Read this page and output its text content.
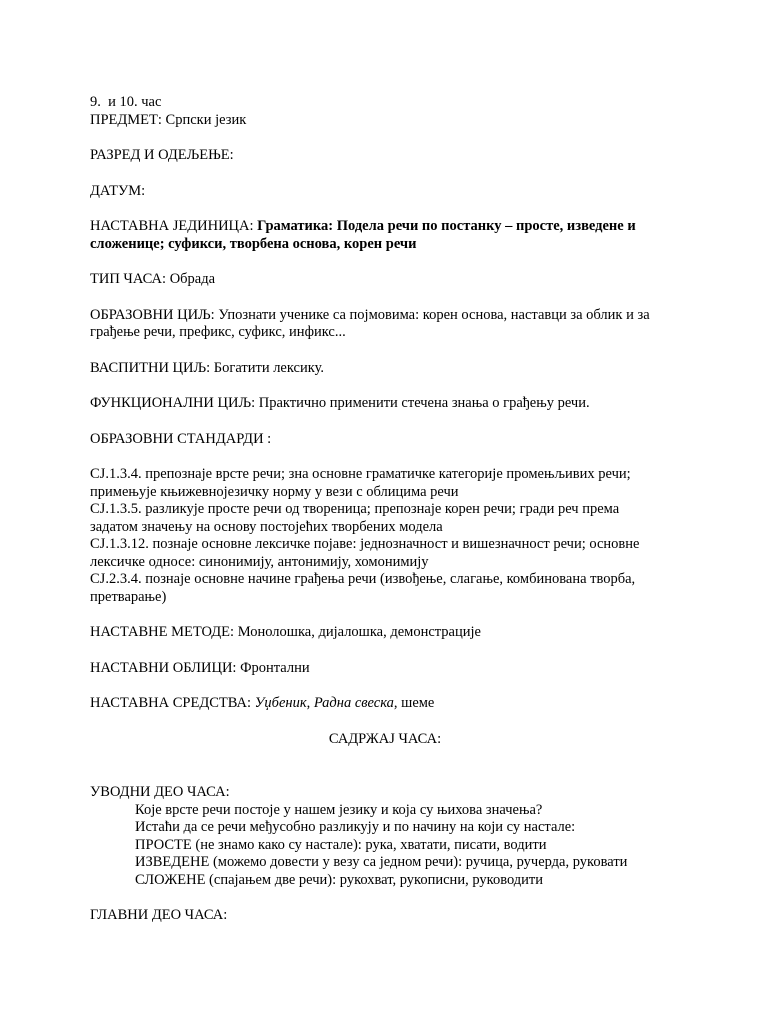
9.  и 10. час
ПРЕДМЕТ: Српски језик
РАЗРЕД И ОДЕЉЕЊЕ:
ДАТУМ:
НАСТАВНА ЈЕДИНИЦА: Граматика: Подела речи по постанку – просте, изведене и
сложенице; суфикси, творбена основа, корен речи
ТИП ЧАСА: Обрада
ОБРАЗОВНИ ЦИЉ: Упознати ученике са појмовима: корен основа, наставци за облик и за
грађење речи, префикс, суфикс, инфикс...
ВАСПИТНИ ЦИЉ: Богатити лексику.
ФУНКЦИОНАЛНИ ЦИЉ: Практично применити стечена знања о грађењу речи.
ОБРАЗОВНИ СТАНДАРДИ :
СЈ.1.3.4. препознаје врсте речи; зна основне граматичке категорије промењљивих речи;
примењује књижевнојезичку норму у вези с облицима речи
СЈ.1.3.5. разликује просте речи од твореница; препознаје корен речи; гради реч према
задатом значењу на основу постојећих творбених модела
СЈ.1.3.12. познаје основне лексичке појаве: једнозначност и вишезначност речи; основне
лексичке односе: синонимију, антонимију, хомонимију
СЈ.2.3.4. познаје основне начине грађења речи (извођење, слагање, комбинована творба,
претварање)
НАСТАВНЕ МЕТОДЕ: Монолошка, дијалошка, демонстрације
НАСТАВНИ ОБЛИЦИ: Фронтални
НАСТАВНА СРЕДСТВА: Уџбеник, Радна свеска, шеме
САДРЖАЈ ЧАСА:
УВОДНИ ДЕО ЧАСА:
Које врсте речи постоје у нашем језику и која су њихова значења?
Истаћи да се речи међусобно разликују и по начину на који су настале:
ПРОСТЕ (не знамо како су настале): рука, хватати, писати, водити
ИЗВЕДЕНЕ (можемо довести у везу са једном речи): ручица, ручерда, руковати
СЛОЖЕНЕ (спајањем две речи): рукохват, рукописни, руководити
ГЛАВНИ ДЕО ЧАСА:
